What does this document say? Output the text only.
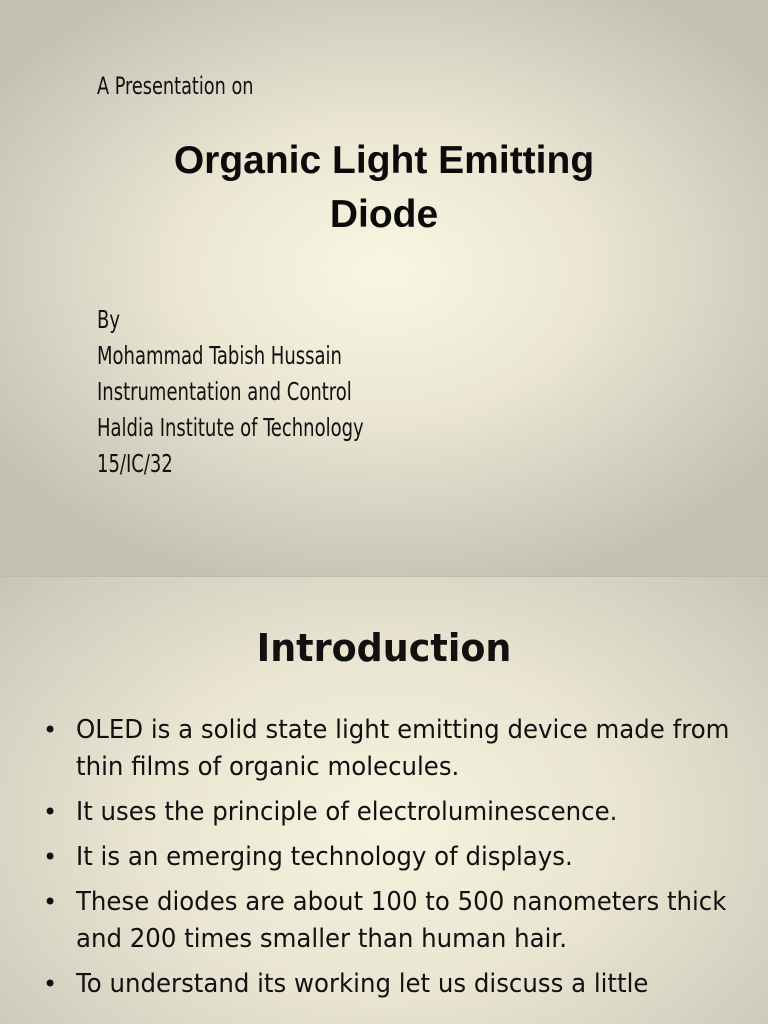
A Presentation on
Organic Light Emitting
Diode
By
Mohammad Tabish Hussain
Instrumentation and Control
Haldia Institute of Technology
15/IC/32
Introduction
• OLED is a solid state light emitting device made from thin films of organic molecules.
• It uses the principle of electroluminescence.
• It is an emerging technology of displays.
• These diodes are about 100 to 500 nanometers thick and 200 times smaller than human hair.
• To understand its working let us discuss a little
